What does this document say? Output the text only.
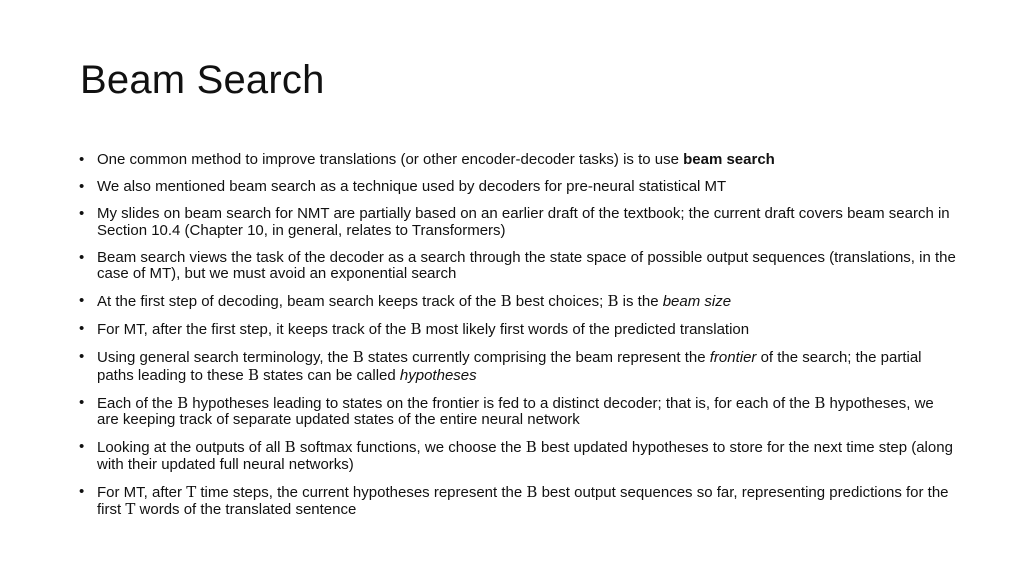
Beam Search
• One common method to improve translations (or other encoder-decoder tasks) is to use beam search
• We also mentioned beam search as a technique used by decoders for pre-neural statistical MT
• My slides on beam search for NMT are partially based on an earlier draft of the textbook; the current draft covers beam search in Section 10.4 (Chapter 10, in general, relates to Transformers)
• Beam search views the task of the decoder as a search through the state space of possible output sequences (translations, in the case of MT), but we must avoid an exponential search
• At the first step of decoding, beam search keeps track of the B best choices; B is the beam size
• For MT, after the first step, it keeps track of the B most likely first words of the predicted translation
• Using general search terminology, the B states currently comprising the beam represent the frontier of the search; the partial paths leading to these B states can be called hypotheses
• Each of the B hypotheses leading to states on the frontier is fed to a distinct decoder; that is, for each of the B hypotheses, we are keeping track of separate updated states of the entire neural network
• Looking at the outputs of all B softmax functions, we choose the B best updated hypotheses to store for the next time step (along with their updated full neural networks)
• For MT, after T time steps, the current hypotheses represent the B best output sequences so far, representing predictions for the first T words of the translated sentence
